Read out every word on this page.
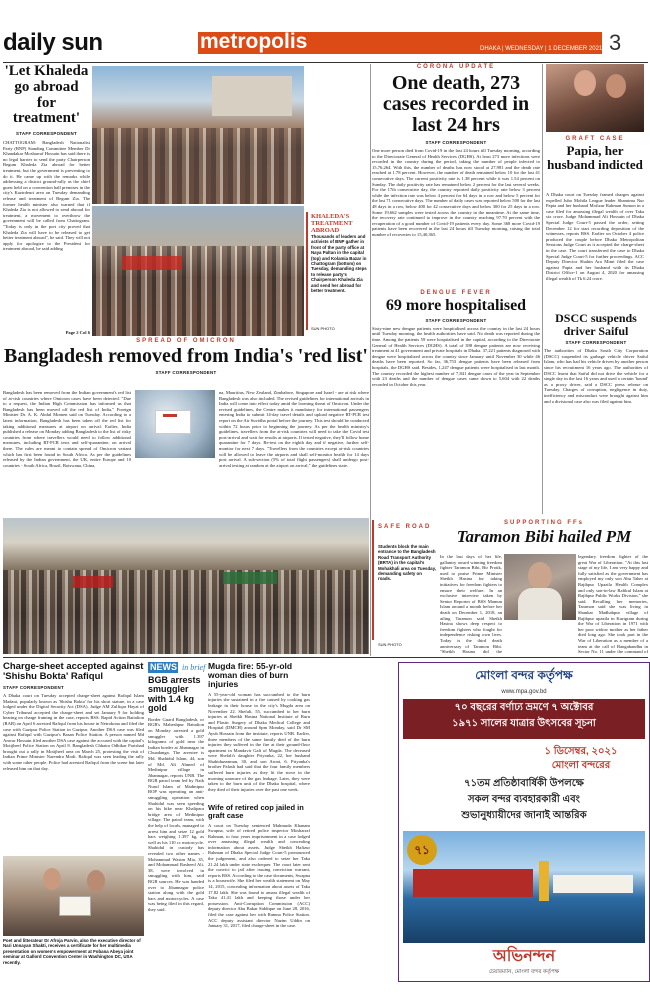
daily sun	metropolis	DHAKA | WEDNESDAY | 1 DECEMBER 2021 3
'Let Khaleda go abroad for treatment'
STAFF CORRESPONDENT
CHATTOGRAM: Bangladesh Nationalist Party (BNP) Standing Committee Member Dr Khandakar Mosharraf Hossain has said there is no legal barrier to send the party Chairperson Begum Khaleda Zia abroad for better treatment, but the government is preventing to do it. He came up with the remarks while addressing a district ground-rally as the chief guest held on a convention hall premises in the city's Kazirdeuri area on Tuesday demanding release and treatment of Begum Zia. The former health minister also warned that if Khaleda Zia is not allowed to send abroad for treatment, a movement to overthrow the government will be called from Chattogram. "Today is only in the port city proved that Khaleda Zia will have to be released to get better treatment abroad", he said. They will not apply for apologize to the President for treatment abroad, he said adding
Page 2 Col 6
KHALEDA'S TREATMENT ABROAD
Thousands of leaders and activists of BNP gather in front of the party office at Naya Paltan in the capital (top) and Kolamia Bazar in Chattogram (bottom) on Tuesday, demanding steps to release party's Chairperson Khaleda Zia and send her abroad for better treatment.
SUN PHOTO
CORONA UPDATE
One death, 273 cases recorded in last 24 hrs
STAFF CORRESPONDENT
One more person died from Covid-19 in the last 24 hours till Tuesday morning, according to the Directorate General of Health Services (DGHS). At least 273 more infections were recorded in the country during the period, taking the number of people infected to 15,76,264. With this, the number of deaths has now stood at 27,981 and the death rate reached at 1.78 percent. However, the number of death remained below 10 for the last 41 consecutive days. The current positivity rate is 1.38 percent while it was 1.54 percent on Sunday. The daily positivity rate has remained below 2 percent for the last several weeks. For the 17th consecutive day, the country reported daily positivity rate below 3 percent while the infection rate was below 4 percent for 64 days in a row and below 5 percent for the last 71 consecutive days. The number of daily cases was reported below 500 for the last 48 days in a row, below 400 for 42 consecutive days and below 300 for 25 days in a row. Some 19,662 samples were tested across the country in the meantime. At the same time, the recovery rate continued to improve in the country reaching 97.70 percent with the recuperation of a good number of Covid-19 patients every day. Some 368 more Covid-19 patients have been recovered in the last 24 hours till Tuesday morning, raising the total number of recoveries to 15,40,365.
GRAFT CASE
Papia, her husband indicted
A Dhaka court on Tuesday framed charges against expelled Jubo Mohila League leader Shamima Nur Papia and her husband Mofizur Rahman Sumon in a case filed for amassing illegal wealth of over Taka six crore. Judge Mohammad Ali Hossain of Dhaka Special Judge Court-5 passed the order, setting December 12 for start recording deposition of the witnesses, reports BSS. Earlier on October 4 police produced the couple before Dhaka Metropolitan Sessions Judge Court as it accepted the charge-sheet in the case. The court transferred the case to Dhaka Special Judge Court-5 for further proceedings. ACC Deputy Director Shahin Ara Mimi filed the case against Papia and her husband with its Dhaka District Office-1 on August 4, 2020 for amassing illegal wealth of Tk 6.24 crore.
DSCC suspends driver Saiful
STAFF CORRESPONDENT
The authorities of Dhaka South City Corporation (DSCC) suspended its garbage vehicle driver Saiful Islam, who has had his vehicle driven by another person since his recruitment 16 years ago. The authorities of DSCC learnt that Saiful did not drive the vehicle for a single day in the last 16 years and used a certain 'hound' as a proxy driver, said a DSCC press release on Tuesday. Charges of corruption, negligence in duty, inefficiency and misconduct were brought against him and a divisional case also was filed against him.
DENGUE FEVER
69 more hospitalised
STAFF CORRESPONDENT
Sixty-nine new dengue patients were hospitalised across the country in the last 24 hours until Tuesday morning, the health authorities have said. No death was reported during the time. Among the patients 59 were hospitalised in the capital, according to the Directorate General of Health Services (DGHS). A total of 398 dengue patients are now receiving treatment at 41 government and private hospitals in Dhaka. 37,221 patients diagnosed with dengue were hospitalized across the country since January until November 30 while 46 deaths have been reported. So far, 36,753 dengue patients have been released from hospitals, the DGHS said. Besides, 1,247 dengue patients were hospitalised in last month. The country recorded the highest number of 7,841 dengue cases of the year in September with 23 deaths and the number of dengue cases came down to 5,604 with 22 deaths recorded in October this year.
SPREAD OF OMICRON
Bangladesh removed from India's 'red list'
STAFF CORRESPONDENT
Bangladesh has been removed from the Indian government's red list of at-risk countries where Omicron cases have been detected. "Due to a request, the Indian High Commission has informed us that Bangladesh has been moved off the red list of India," Foreign Minister Dr. A. K. Abdul Momen said on Tuesday. According to a latest information, Bangladesh has been taken off the red list for taking additional measures at airport on arrival. Earlier, India published a release on Monday adding Bangladesh to the list of risky countries from where travellers would need to follow additional measures, including RT-PCR tests and self-quarantine, on arrival there. The rules are meant to contain spread of Omicron variant which has first been found in South Africa. As per the guidelines released by the Indian government, the UK, entire Europe and 10 countries - South Africa, Brazil, Botswana, China,
na, Mauritius, New Zealand, Zimbabwe, Singapore and Israel - are at risk where Bangladesh was also included. The revised guidelines for international arrivals in India will come into effect today amid the looming threat of Omicron. Under the revised guidelines, the Centre makes it mandatory for international passengers entering India to submit 14-day travel details and upload negative RT-PCR test report on the Air Suvidha portal before the journey. This test should be conducted within 72 hours prior to beginning the journey. As per the health ministry's guidelines, travellers from the at-risk countries will need to take the Covid test post-arrival and wait for results at airports. If tested negative, they'll follow home quarantine for 7 days. Re-test on the eighth day and if negative, further self-monitor for next 7 days. "Travellers from the countries except at-risk countries will be allowed to leave the airports and shall self-monitor health for 14 days post arrival. A sub-section (5% of total flight passengers) shall undergo post-arrival testing at random at the airport on arrival," the guidelines state.
SAFE ROAD
Students block the main entrance to the Bangladesh Road Transport Authority (BRTA) in the capital's Mohakhali area on Tuesday, demanding safety on roads.
SUN PHOTO
SUPPORTING FFs
Taramon Bibi hailed PM
In the last days of her life, gallantry award winning freedom fighter Taramon Bibi, Bir Protik, used to praise Prime Minister Sheikh Hasina for taking initiatives for freedom fighters to ensure their welfare. In an exclusive interview taken by Senior Reporter of BSS Mamun Islam around a month before her death on December 1, 2018, an ailing Taramon said Sheikh Hasina shows deep respect to freedom fighters who fought for independence risking own lives. Today is the third death anniversary of Taramon Bibi. "Sheikh Hasina did the
legendary freedom fighter of the great War of Liberation. "At this last stage of my life, I am very happy and fully satisfied as the government has employed my only son Abu Taher at Rajibpur Upazila Health Complex and only son-in-law Rafikul Islam at Rajibpur Public Works Division," she said. Recalling her memories, Taramon said she was living in Shankar Madhabpur village of Rajibpur upazila in Kurigram during the War of Liberation in 1971 with her poor widow mother as her father died long ago. She took part in the War of Liberation as a member of a team at the call of Bangabandhu in Sector No. 11 under the command of
Charge-sheet accepted against 'Shishu Bokta' Rafiqul
STAFF CORRESPONDENT
A Dhaka court on Tuesday accepted charge-sheet against Rafiqul Islam Madani, popularly known as 'Shishu Bokta' for his short stature, in a case lodged under the Digital Security Act (DSA). Judge AM Zulfiqar Hayat of Cyber Tribunal accepted the charge-sheet and set January 9 for holding hearing on charge framing in the case, reports BSS. Rapid Action Battalion (RAB) on April 6 arrested Rafiqul from his house in Netrokona and filed the case with Gazipur Police Station in Gazipur. Another DSA case was filed against Rafiqul with Gazipur's Basan Police Station. A person named Md Anwar Hossain filed another DSA case against the accused with the capital's Motijheel Police Station on April 8. Bangladesh Chhatra Odhikar Parishad brought out a rally in Motijheel area on March 25, protesting the visit of Indian Prime Minister Narendra Modi. Rafiqul was seen leading the rally with some other people. Police had arrested Rafiqul from the scene but later released him on that day.
Poet and litterateur Dr Afroja Parvin, also the executive director of Nari Unnayan Shakti, receives a certificate for her multimedia presentation on women's empowerment at Fobana Abeya joint seminar at Gallord Convention Center in Washington DC, USA recently.
NEWS in brief
BGB arrests smuggler with 1.4 kg gold
Border Guard Bangladesh, or BGB's Maheshpur Battalion on Monday arrested a gold smuggler with 1.397 kilograms of gold near the Indian border at Jibannagar in Chuadanga. The arrestee is Md. Shahidul Islam, 44, son of Md. Ali Ahmed of Medinipur village in Jibannagar, reports UNB. The BGB patrol team led by Naik Nurul Islam of Madinipur BOP was operating an anti-smuggling operation when Shahidul was seen speeding on his bike near Khalipara bridge area of Medinipur village. The patrol team, with the help of locals, managed to arrest him and seize 12 gold bars weighing 1.397 kg, as well as his 110 cc motorcycle. Shahidul in custody has revealed two other names - Mohammad Wasim Mia, 35, and Mohammad Rasheed Ali, 38, were involved in smuggling with him, said BGB sources. He was handed over to Jibannagar police station along with the gold bars and motorcycles. A case was being filed in this regard, they said.
Mugda fire: 55-yr-old woman dies of burn injuries
A 55-year-old woman has succumbed to the burn injuries she sustained in a fire caused by cooking gas leakage in their house in the city's Mugda area on November 22. Shefali, 55, succumbed to her burn injuries at Sheikh Hasina National Institute of Burn and Plastic Surgery of Dhaka Medical College and Hospital (DMCH) around 6pm Monday, said Dr SM Ayub Hossain from the institute, reports UNB. Earlier, three members of the same family died of the burn injuries they suffered in the fire at their ground-floor apartment in Mandavir Gali of Mugda. The deceased were Shefali's daughter Priyonka, 22, her husband Shahiduzzaman, 30, and son Aroni, 6. Priyanka's brother Palash had said that the four family members suffered burn injuries as they lit the stove in the morning unaware of the gas leakage. Later, they were taken to the burn unit of the Dhaka hospital, where they died of their injuries over the past one week.
Wife of retired cop jailed in graft case
A court on Tuesday sentenced Mahmuda Khanam Swapna, wife of retired police inspector Mosharraf Rahman, to four years imprisonment in a case lodged over amassing illegal wealth and concealing information about assets. Judge Sheikh Hafizur Rahman of Dhaka Special Judge Court-5 pronounced the judgement, and also ordered to seize her Taka 21.24 lakh under state exchequer. The court later sent the convict to jail after issuing conviction warrant, reports BSS. According to the case documents, Swapna is a housewife. She filed her wealth statement on May 14, 2015, concealing information about assets of Taka 17.82 lakh. She was found to amass illegal wealth of Taka 41.41 lakh and keeping those under her possession. Anti-Corruption Commission (ACC) deputy director Abu Bakar Siddique on June 28, 2016, filed the case against her with Ramna Police Station. ACC deputy assistant director Nazim Uddin on January 31, 2017, filed charge-sheet in the case.
মোংলা বন্দর কর্তৃপক্ষ
www.mpa.gov.bd
৭০ বছরের বর্ণাঢ্য ভ্রমণে ৭ অক্টোবর
১৯৭১ সালের যাত্রার উৎসবের সূচনা
১ ডিসেম্বর, ২০২১
মোংলা বন্দরের
৭১তম প্রতিষ্ঠাবার্ষিকী উপলক্ষে
সকল বন্দর ব্যবহারকারী এবং
শুভানুধ্যায়ীদের জানাই আন্তরিক
৭১
অভিনন্দন
চেয়ারম্যান, মোংলা বন্দর কর্তৃপক্ষ
